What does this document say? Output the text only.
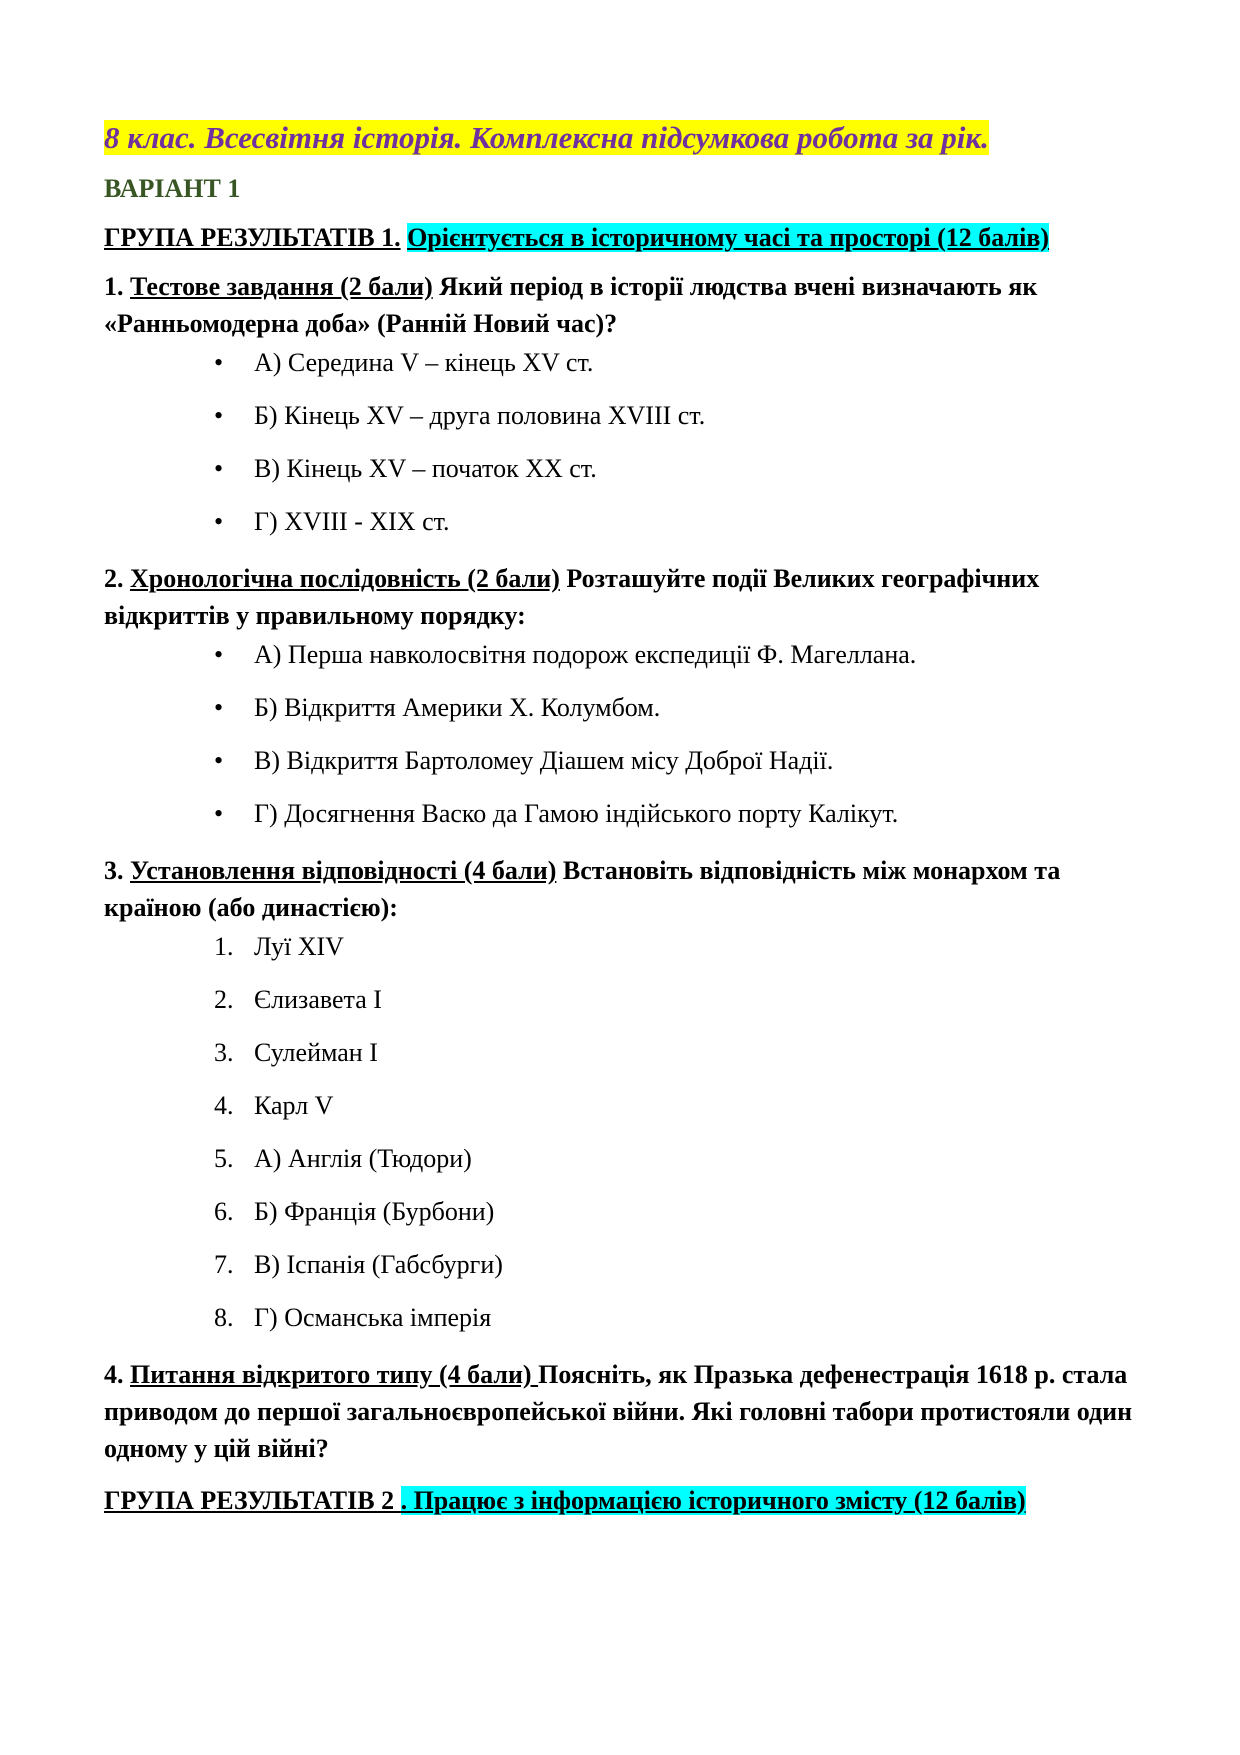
8 клас. Всесвітня історія. Комплексна підсумкова робота за рік.

ВАРІАНТ 1

ГРУПА РЕЗУЛЬТАТІВ 1. Орієнтується в історичному часі та просторі (12 балів)

1. Тестове завдання (2 бали) Який період в історії людства вчені визначають як «Ранньомодерна доба» (Ранній Новий час)?

• А) Середина V – кінець XV ст.
• Б) Кінець XV – друга половина XVIII ст.
• В) Кінець XV – початок XX ст.
• Г) XVIII - XIX ст.

2. Хронологічна послідовність (2 бали) Розташуйте події Великих географічних відкриттів у правильному порядку:

• А) Перша навколосвітня подорож експедиції Ф. Магеллана.
• Б) Відкриття Америки Х. Колумбом.
• В) Відкриття Бартоломеу Діашем місу Доброї Надії.
• Г) Досягнення Васко да Гамою індійського порту Калікут.

3. Установлення відповідності (4 бали) Встановіть відповідність між монархом та країною (або династією):

1. Луї XIV
2. Єлизавета I
3. Сулейман I
4. Карл V
5. А) Англія (Тюдори)
6. Б) Франція (Бурбони)
7. В) Іспанія (Габсбурги)
8. Г) Османська імперія

4. Питання відкритого типу (4 бали) Поясніть, як Празька дефенестрація 1618 р. стала приводом до першої загальноєвропейської війни. Які головні табори протистояли один одному у цій війні?

ГРУПА РЕЗУЛЬТАТІВ 2 . Працює з інформацією історичного змісту (12 балів)
